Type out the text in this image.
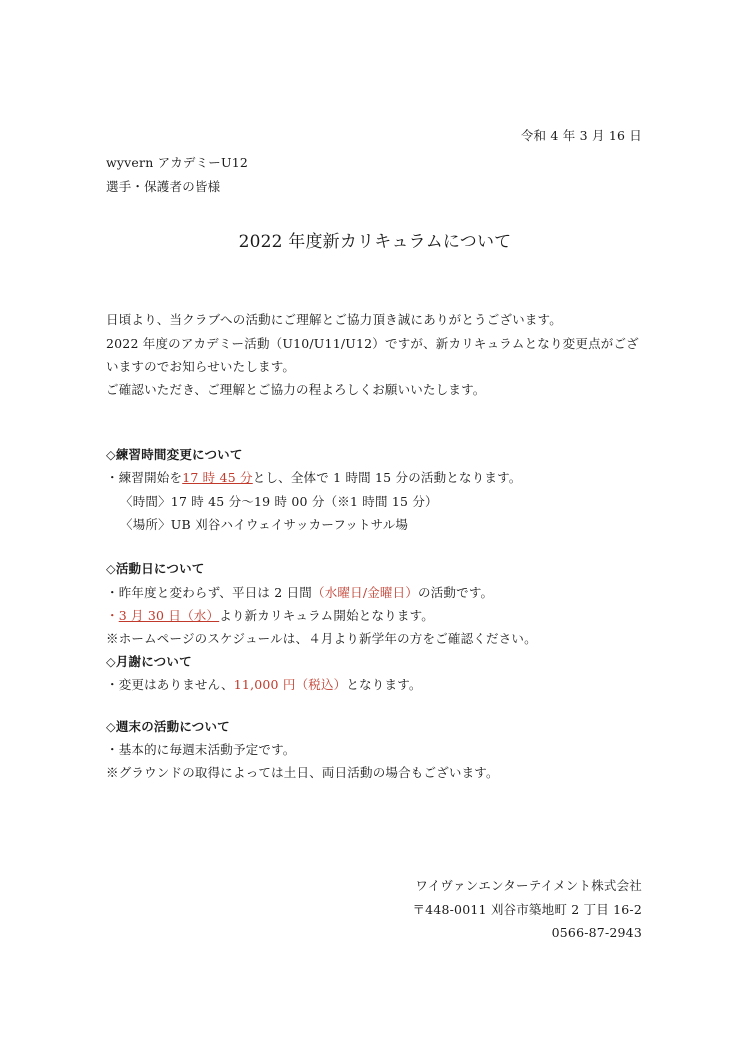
令和 4 年 3 月 16 日
wyvern アカデミーU12
選手・保護者の皆様
2022 年度新カリキュラムについて
日頃より、当クラブへの活動にご理解とご協力頂き誠にありがとうございます。
2022 年度のアカデミー活動（U10/U11/U12）ですが、新カリキュラムとなり変更点がござ
いますのでお知らせいたします。
ご確認いただき、ご理解とご協力の程よろしくお願いいたします。
◇練習時間変更について
・練習開始を17 時 45 分とし、全体で 1 時間 15 分の活動となります。
〈時間〉17 時 45 分〜19 時 00 分（※1 時間 15 分）
〈場所〉UB 刈谷ハイウェイサッカーフットサル場
◇活動日について
・昨年度と変わらず、平日は 2 日間（水曜日/金曜日）の活動です。
・3 月 30 日（水）より新カリキュラム開始となります。
※ホームページのスケジュールは、４月より新学年の方をご確認ください。
◇月謝について
・変更はありません、11,000 円（税込）となります。
◇週末の活動について
・基本的に毎週末活動予定です。
※グラウンドの取得によっては土日、両日活動の場合もございます。
ワイヴァンエンターテイメント株式会社
〒448-0011 刈谷市築地町 2 丁目 16-2
0566-87-2943
